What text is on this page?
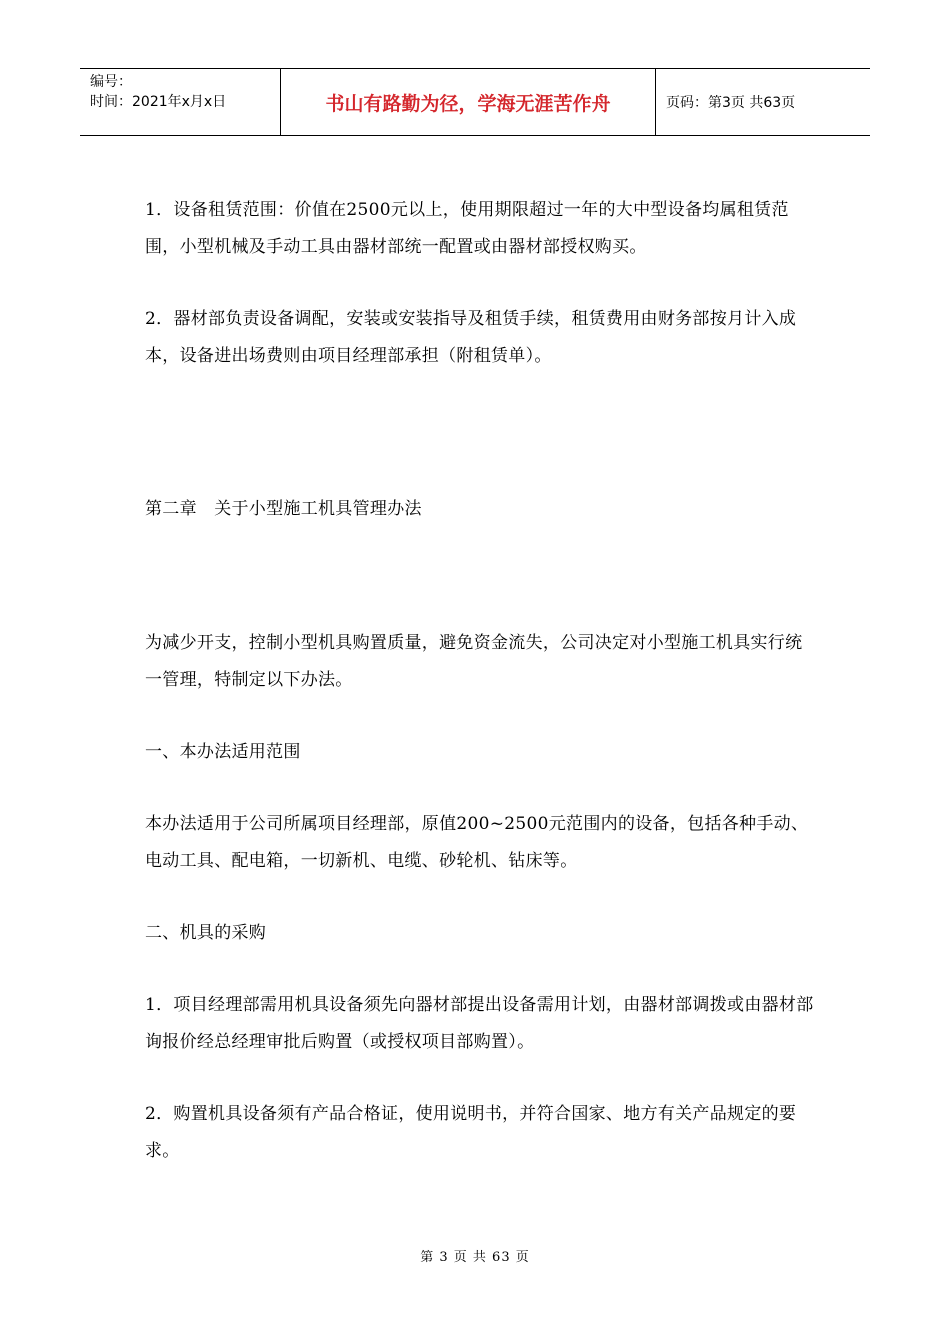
编号：
时间：2021年x月x日	书山有路勤为径，学海无涯苦作舟	页码：第3页 共63页

1．设备租赁范围：价值在2500元以上，使用期限超过一年的大中型设备均属租赁范围，小型机械及手动工具由器材部统一配置或由器材部授权购买。

2．器材部负责设备调配，安装或安装指导及租赁手续，租赁费用由财务部按月计入成本，设备进出场费则由项目经理部承担（附租赁单）。

第二章　关于小型施工机具管理办法

为减少开支，控制小型机具购置质量，避免资金流失，公司决定对小型施工机具实行统一管理，特制定以下办法。

一、本办法适用范围

本办法适用于公司所属项目经理部，原值200~2500元范围内的设备，包括各种手动、电动工具、配电箱，一切新机、电缆、砂轮机、钻床等。

二、机具的采购

1．项目经理部需用机具设备须先向器材部提出设备需用计划，由器材部调拨或由器材部询报价经总经理审批后购置（或授权项目部购置）。

2．购置机具设备须有产品合格证，使用说明书，并符合国家、地方有关产品规定的要求。

第 3 页 共 63 页
